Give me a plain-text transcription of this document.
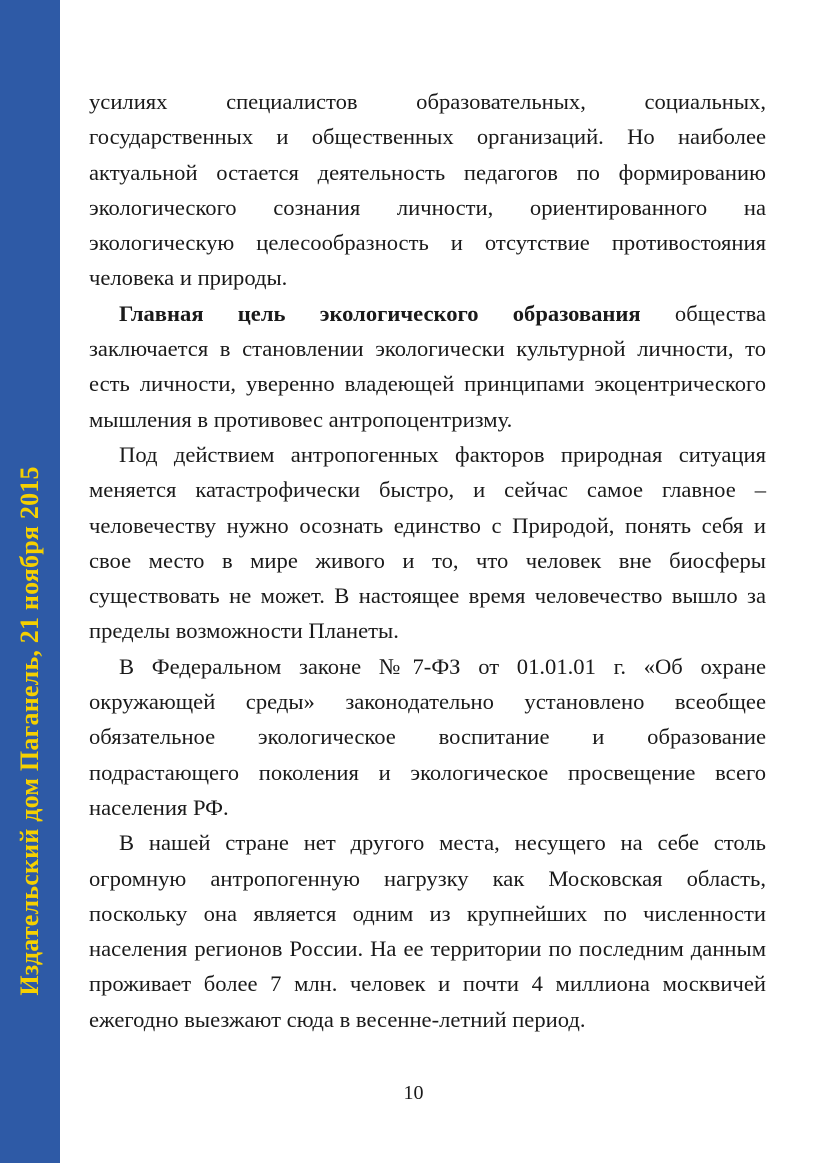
Издательский дом Паганель, 21 ноября 2015

усилиях специалистов образовательных, социальных, государственных и общественных организаций. Но наиболее актуальной остается деятельность педагогов по формированию экологического сознания личности, ориентированного на экологическую целесообразность и отсутствие противостояния человека и природы.

Главная цель экологического образования общества заключается в становлении экологически культурной личности, то есть личности, уверенно владеющей принципами экоцентрического мышления в противовес антропоцентризму.

Под действием антропогенных факторов природная ситуация меняется катастрофически быстро, и сейчас самое главное – человечеству нужно осознать единство с Природой, понять себя и свое место в мире живого и то, что человек вне биосферы существовать не может. В настоящее время человечество вышло за пределы возможности Планеты.

В Федеральном законе №7-ФЗ от 01.01.01 г. «Об охране окружающей среды» законодательно установлено всеобщее обязательное экологическое воспитание и образование подрастающего поколения и экологическое просвещение всего населения РФ.

В нашей стране нет другого места, несущего на себе столь огромную антропогенную нагрузку как Московская область, поскольку она является одним из крупнейших по численности населения регионов России. На ее территории по последним данным проживает более 7 млн. человек и почти 4 миллиона москвичей ежегодно выезжают сюда в весенне-летний период.

10
